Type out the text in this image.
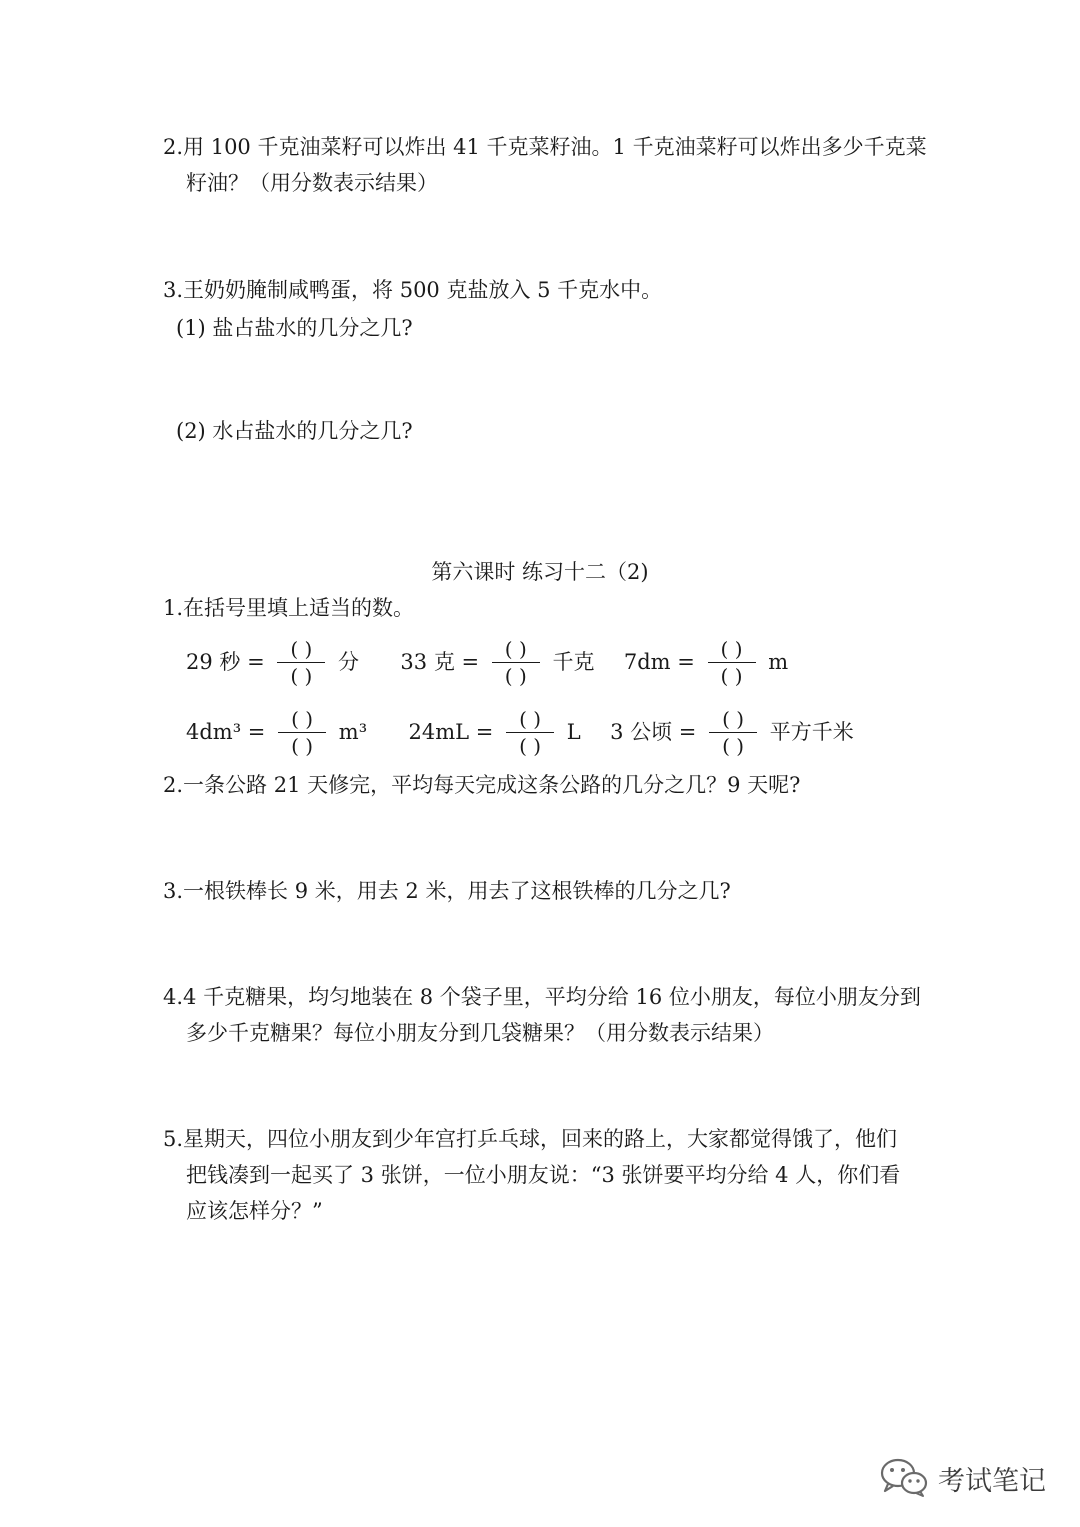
2.用 100 千克油菜籽可以炸出 41 千克菜籽油。1 千克油菜籽可以炸出多少千克菜
籽油？（用分数表示结果）
3.王奶奶腌制咸鸭蛋，将 500 克盐放入 5 千克水中。
(1) 盐占盐水的几分之几?
(2) 水占盐水的几分之几?
第六课时 练习十二（2)
1.在括号里填上适当的数。
29 秒 = $\frac{( )}{( )}$ 分 33 克 = $\frac{( )}{( )}$ 千克 $7dm = \frac{( )}{( )}$ m
$4dm^3 = \frac{( )}{( )} m^3$ $24mL = \frac{( )}{( )}$ L 3 公顷 = $\frac{( )}{( )}$ 平方千米
2.一条公路 21 天修完，平均每天完成这条公路的几分之几？9 天呢?
3.一根铁棒长 9 米，用去 2 米，用去了这根铁棒的几分之几?
4.4 千克糖果，均匀地装在 8 个袋子里，平均分给 16 位小朋友，每位小朋友分到
多少千克糖果？每位小朋友分到几袋糖果？（用分数表示结果）
5.星期天，四位小朋友到少年宫打乒乓球，回来的路上，大家都觉得饿了，他们
把钱凑到一起买了 3 张饼，一位小朋友说：“3 张饼要平均分给 4 人，你们看
应该怎样分？”
考试笔记
